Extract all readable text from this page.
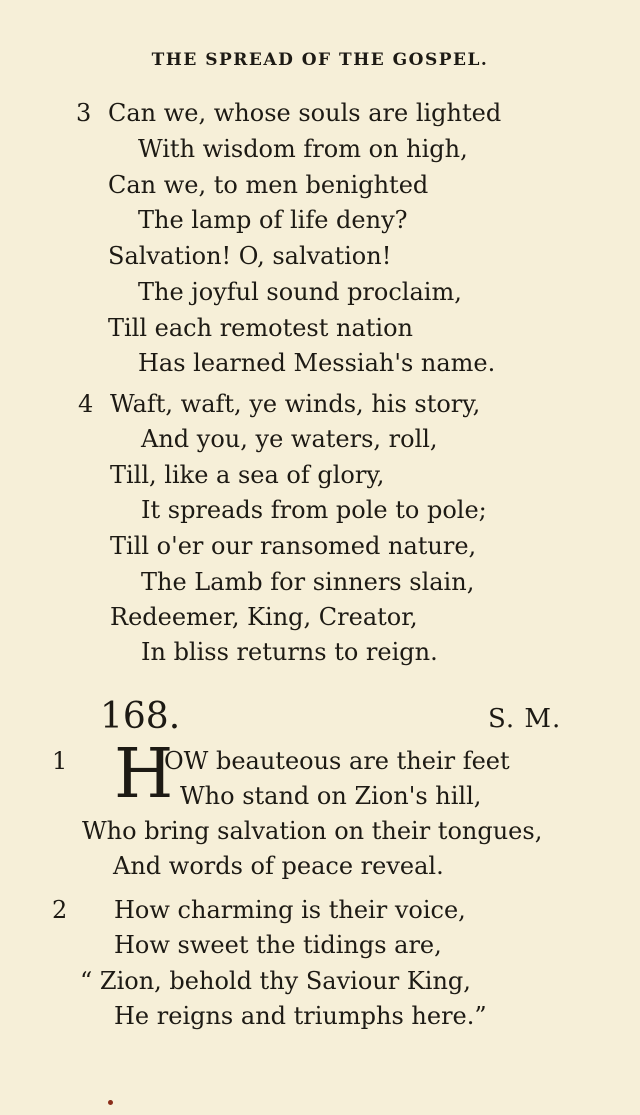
THE SPREAD OF THE GOSPEL.
3 Can we, whose souls are lighted
With wisdom from on high,
Can we, to men benighted
The lamp of life deny?
Salvation! O, salvation!
The joyful sound proclaim,
Till each remotest nation
Has learned Messiah's name.
4 Waft, waft, ye winds, his story,
And you, ye waters, roll,
Till, like a sea of glory,
It spreads from pole to pole;
Till o'er our ransomed nature,
The Lamb for sinners slain,
Redeemer, King, Creator,
In bliss returns to reign.
168.	S. M.
1 H
OW beauteous are their feet
Who stand on Zion's hill,
Who bring salvation on their tongues,
And words of peace reveal.
2 How charming is their voice,
How sweet the tidings are,
“ Zion, behold thy Saviour King,
He reigns and triumphs here.”
